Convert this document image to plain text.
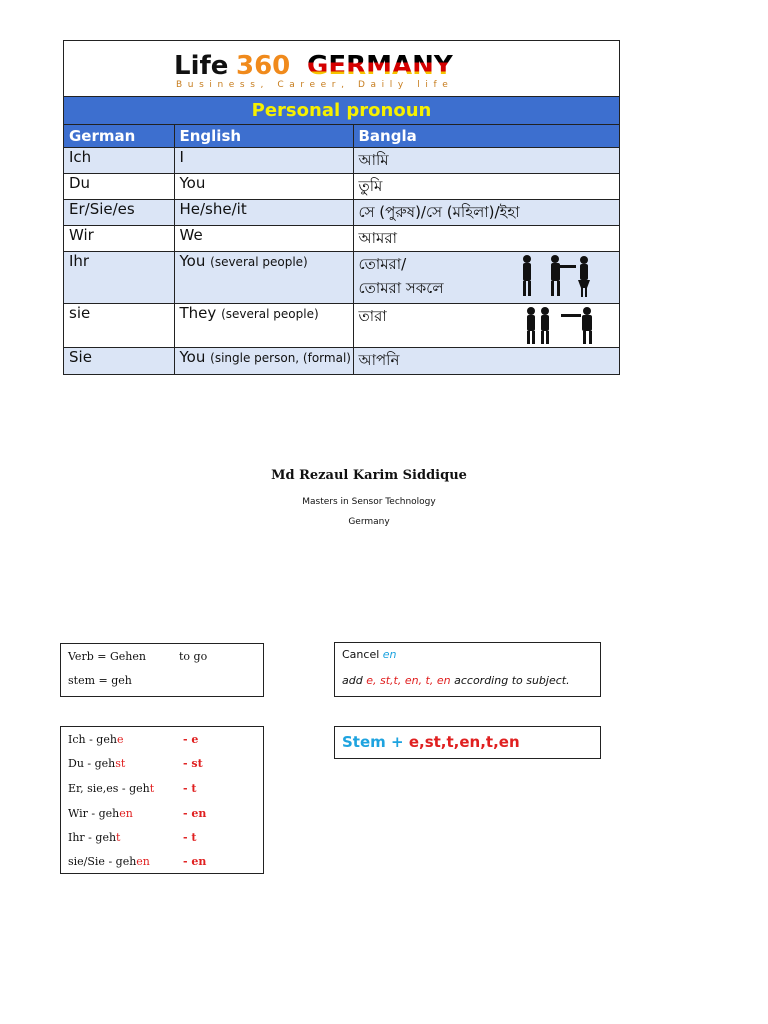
Life 360 GERMANY
Business, Career, Daily life
Personal pronoun
German	English	Bangla
Ich	I	আমি
Du	You	তুমি
Er/Sie/es	He/she/it	সে (পুরুষ)/সে (মহিলা)/ইহা
Wir	We	আমরা
Ihr	You (several people)	তোমরা/
তোমরা সকলে

sie	They (several people)	তারা

Sie	You (single person, (formal)	আপনি
Md Rezaul Karim Siddique
Masters in Sensor Technology
Germany
Verb = Gehen	to go
stem = geh
Cancel en
add e, st,t, en, t, en according to subject.
Ich - gehe	- e
Du - gehst	- st
Er, sie,es - geht	- t
Wir - gehen	- en
Ihr - geht	- t
sie/Sie - gehen	- en
Stem + e,st,t,en,t,en
